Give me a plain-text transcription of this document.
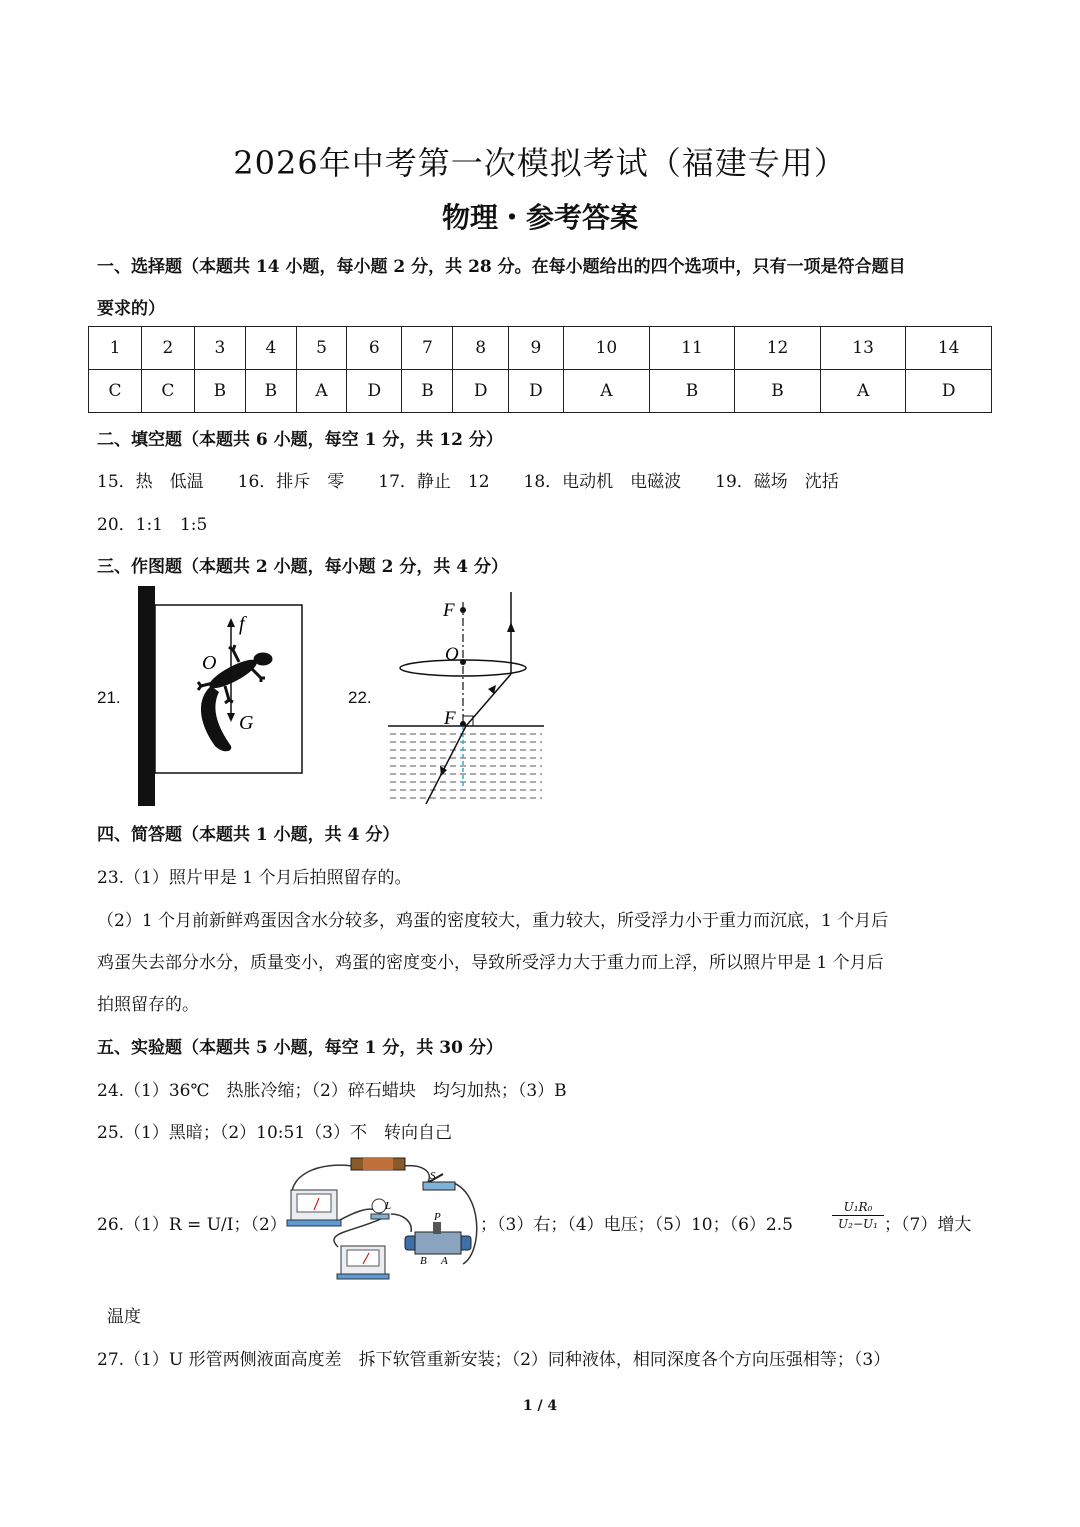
2026年中考第一次模拟考试（福建专用）
物理・参考答案
一、选择题（本题共 14 小题，每小题 2 分，共 28 分。在每小题给出的四个选项中，只有一项是符合题目
要求的）
1	2	3	4	5	6	7	8	9	10	11	12	13	14
C	C	B	B	A	D	B	D	D	A	B	B	A	D
二、填空题（本题共 6 小题，每空 1 分，共 12 分）
15．热　低温　　16．排斥　零　　17．静止　12　　18．电动机　电磁波　　19．磁场　沈括
20．1:1　1:5
三、作图题（本题共 2 小题，每小题 2 分，共 4 分）
21.
f
O
G
22.
F
O
F
四、简答题（本题共 1 小题，共 4 分）
23.（1）照片甲是 1 个月后拍照留存的。
（2）1 个月前新鲜鸡蛋因含水分较多，鸡蛋的密度较大，重力较大，所受浮力小于重力而沉底，1 个月后
鸡蛋失去部分水分，质量变小，鸡蛋的密度变小，导致所受浮力大于重力而上浮，所以照片甲是 1 个月后
拍照留存的。
五、实验题（本题共 5 小题，每空 1 分，共 30 分）
24.（1）36℃　热胀冷缩；（2）碎石蜡块　均匀加热；（3）B
25.（1）黑暗；（2）10:51（3）不　转向自己
26.（1）R = U/I；（2）
S
L
P
B A
；（3）右；（4）电压；（5）10；（6）2.5	$\frac{\text{U₁R₀}}{\text{U₂−U₁}}$ ；（7）增大
温度
27.（1）U 形管两侧液面高度差　拆下软管重新安装；（2）同种液体，相同深度各个方向压强相等；（3）
1 / 4
